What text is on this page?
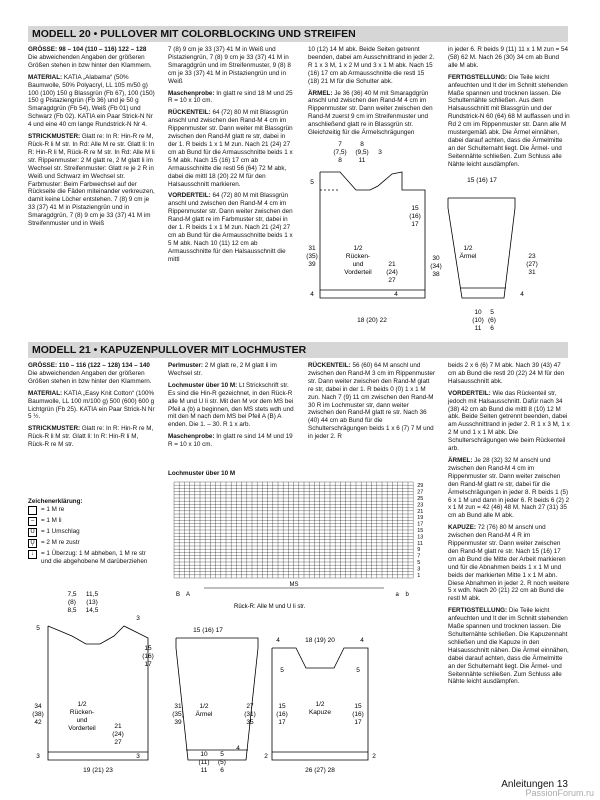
MODELL 20 • PULLOVER MIT COLORBLOCKING UND STREIFEN

GRÖSSE: 98 – 104 (110 – 116) 122 – 128 Die abweichenden Angaben der größeren Größen stehen in bzw hinter den Klammern.

MATERIAL: KATIA „Alabama“ (50% Baumwolle, 50% Polyacryl, LL 105 m/50 g) 100 (100) 150 g Blassgrün (Fb 67), 100 (150) 150 g Pistaziengrün (Fb 36) und je 50 g Smaragdgrün (Fb 54), Weiß (Fb 01) und Schwarz (Fb 02). KATIA ein Paar Strick-N Nr 4 und eine 40 cm lange Rundstrick-N Nr 4.

STRICKMUSTER: Glatt re: In R: Hin-R re M, Rück-R li M str. In Rd: Alle M re str. Glatt li: In R: Hin-R li M, Rück-R re M str. In Rd: Alle M li str. Rippenmuster: 2 M glatt re, 2 M glatt li im Wechsel str. Streifenmuster: Glatt re je 2 R in Weiß und Schwarz im Wechsel str. Farbmuster: Beim Farbwechsel auf der Rückseite die Fäden miteinander verkreuzen, damit keine Löcher entstehen. 7 (8) 9 cm je 33 (37) 41 M in Pistaziengrün und in Smaragdgrün, 7 (8) 9 cm je 33 (37) 41 M im Streifenmuster und in Weiß

7 (8) 9 cm je 33 (37) 41 M in Weiß und Pistaziengrün, 7 (8) 9 cm je 33 (37) 41 M in Smaragdgrün und im Streifenmuster, 9 (8) 8 cm je 33 (37) 41 M in Pistaziengrün und in Weiß

Maschenprobe: In glatt re sind 18 M und 25 R = 10 x 10 cm.

RÜCKENTEIL: 64 (72) 80 M mit Blassgrün anschl und zwischen den Rand-M 4 cm im Rippenmuster str. Dann weiter mit Blassgrün zwischen den Rand-M glatt re str, dabei in der 1. R beids 1 x 1 M zun. Nach 21 (24) 27 cm ab Bund für die Armausschnitte beids 1 x 5 M abk. Nach 15 (16) 17 cm ab Armausschnitte die restl 56 (64) 72 M abk, dabei die mittl 18 (20) 22 M für den Halsausschnitt markieren.

VORDERTEIL: 64 (72) 80 M mit Blassgrün anschl und zwischen den Rand-M 4 cm im Rippenmuster str. Dann weiter zwischen den Rand-M glatt re im Farbmuster str, dabei in der 1. R beids 1 x 1 M zun. Nach 21 (24) 27 cm ab Bund für die Armausschnitte beids 1 x 5 M abk. Nach 10 (11) 12 cm ab Armausschnitte für den Halsausschnitt die mittl

10 (12) 14 M abk. Beide Seiten getrennt beenden, dabei am Ausschnittrand in jeder 2. R 1 x 3 M, 1 x 2 M und 3 x 1 M abk. Nach 15 (16) 17 cm ab Armausschnitte die restl 15 (18) 21 M für die Schulter abk.

ÄRMEL: Je 36 (36) 40 M mit Smaragdgrün anschl und zwischen den Rand-M 4 cm im Rippenmuster str. Dann weiter zwischen den Rand-M zuerst 9 cm im Streifenmuster und anschließend glatt re in Blassgrün str. Gleichzeitig für die Ärmelschrägungen

in jeder 6. R beids 9 (11) 11 x 1 M zun = 54 (58) 62 M. Nach 26 (30) 34 cm ab Bund alle M abk.

FERTIGSTELLUNG: Die Teile leicht anfeuchten und lt der im Schnitt stehenden Maße spannen und trocknen lassen. Die Schulternähte schließen. Aus dem Halsausschnitt mit Blassgrün und der Rundstrick-N 60 (64) 68 M auffassen und in Rd 2 cm im Rippenmuster str. Dann alle M mustergemäß abk. Die Ärmel einnähen, dabei darauf achten, dass die Ärmelmitte an der Schulternaht liegt. Die Ärmel- und Seitennähte schließen. Zum Schluss alle Nähte leicht ausdämpfen.

7	8
(7,5) (9,5)
8	11
3
5
15
(16)
17
31
(35)
39	21
(24)
27
30
(34)
38
1/2
Rücken-
und
Vorderteil
4	4
18 (20) 22
15 (16) 17
1/2
Ärmel	23
(27)
31
10
(10)
11
5
(6)
6
4
MODELL 21 • KAPUZENPULLOVER MIT LOCHMUSTER

GRÖSSE: 110 – 116 (122 – 128) 134 – 140 Die abweichenden Angaben der größeren Größen stehen in bzw hinter den Klammern.

MATERIAL: KATIA „Easy Knit Cotton“ (100% Baumwolle, LL 100 m/100 g) 500 (600) 600 g Lichtgrün (Fb 25). KATIA ein Paar Strick-N Nr 5 ½.

STRICKMUSTER: Glatt re: In R: Hin-R re M, Rück-R li M str. Glatt li: In R: Hin-R li M, Rück-R re M str.

Perlmuster: 2 M glatt re, 2 M glatt li im Wechsel str.

Lochmuster über 10 M: Lt Strickschrift str. Es sind die Hin-R gezeichnet, in den Rück-R alle M und U li str. Mit den M vor dem MS bei Pfeil a (b) a beginnen, den MS stets wdh und mit den M nach dem MS bei Pfeil A (B) A enden. Die 1. – 30. R 1 x arb.

Maschenprobe: In glatt re sind 14 M und 19 R = 10 x 10 cm.

RÜCKENTEIL: 56 (60) 64 M anschl und zwischen den Rand-M 3 cm im Rippenmuster str. Dann weiter zwischen den Rand-M glatt re str, dabei in der 1. R beids 0 (0) 1 x 1 M zun. Nach 7 (9) 11 cm zwischen den Rand-M 30 R im Lochmuster str, dann weiter zwischen den Rand-M glatt re str. Nach 36 (40) 44 cm ab Bund für die Schulterschrägungen beids 1 x 6 (7) 7 M und in jeder 2. R

beids 2 x 6 (6) 7 M abk. Nach 39 (43) 47 cm ab Bund die restl 20 (22) 24 M für den Halsausschnitt abk.

VORDERTEIL: Wie das Rückenteil str, jedoch mit Halsausschnitt. Dafür nach 34 (38) 42 cm ab Bund die mittl 8 (10) 12 M abk. Beide Seiten getrennt beenden, dabei am Ausschnittrand in jeder 2. R 1 x 3 M, 1 x 2 M und 1 x 1 M abk. Die Schulterschrägungen wie beim Rückenteil arb.

ÄRMEL: Je 28 (32) 32 M anschl und zwischen den Rand-M 4 cm im Rippenmuster str. Dann weiter zwischen den Rand-M glatt re str, dabei für die Ärmelschrägungen in jeder 8. R beids 1 (5) 6 x 1 M und dann in jeder 6. R beids 6 (2) 2 x 1 M zun = 42 (46) 48 M. Nach 27 (31) 35 cm ab Bund alle M abk.

KAPUZE: 72 (76) 80 M anschl und zwischen den Rand-M 4 R im Rippenmuster str. Dann weiter zwischen den Rand-M glatt re str. Nach 15 (16) 17 cm ab Bund die Mitte der Arbeit markieren und für die Abnahmen beids 1 x 1 M und beids der markierten Mitte 1 x 1 M abn. Diese Abnahmen in jeder 2. R noch weitere 5 x wdh. Nach 20 (21) 22 cm ab Bund die restl M abk.

FERTIGSTELLUNG: Die Teile leicht anfeuchten und lt der im Schnitt stehenden Maße spannen und trocknen lassen. Die Schulternähte schließen. Die Kapuzennaht schließen und die Kapuze in den Halsausschnitt nähen. Die Ärmel einnähen, dabei darauf achten, dass die Ärmelmitte an der Schulternaht liegt. Die Ärmel- und Seitennähte schließen. Zum Schluss alle Nähte leicht ausdämpfen.

Zeichenerklärung:
= 1 M re
–	= 1 M li
U	= 1 Umschlag
Ų	= 2 M re zustr
↓	= 1 Überzug: 1 M abheben, 1 M re str und die abgehobene M darüberziehen
Lochmuster über 10 M
29
27
25
23
21
19
17
15
13
11
9
7
5
3
1
B A
MS
a b
Rück-R: Alle M und U li str.
7,5
(8)
8,5
11,5
(13)
14,5
5
3
15
(16)
17
21
(24)
27
34
(38)
42
1/2
Rücken-
und
Vorderteil
3	3
19 (21) 23
15 (16) 17
31
(35)
39
1/2
Ärmel
27
(31)
35
10
(11)
11
5
(5)
6
4
4	18 (19) 20	4
1/2
Kapuze
15
(16)
17
15
(16)
17
5	5
26 (27) 28
2	2
Anleitungen 13
PassionForum.ru
